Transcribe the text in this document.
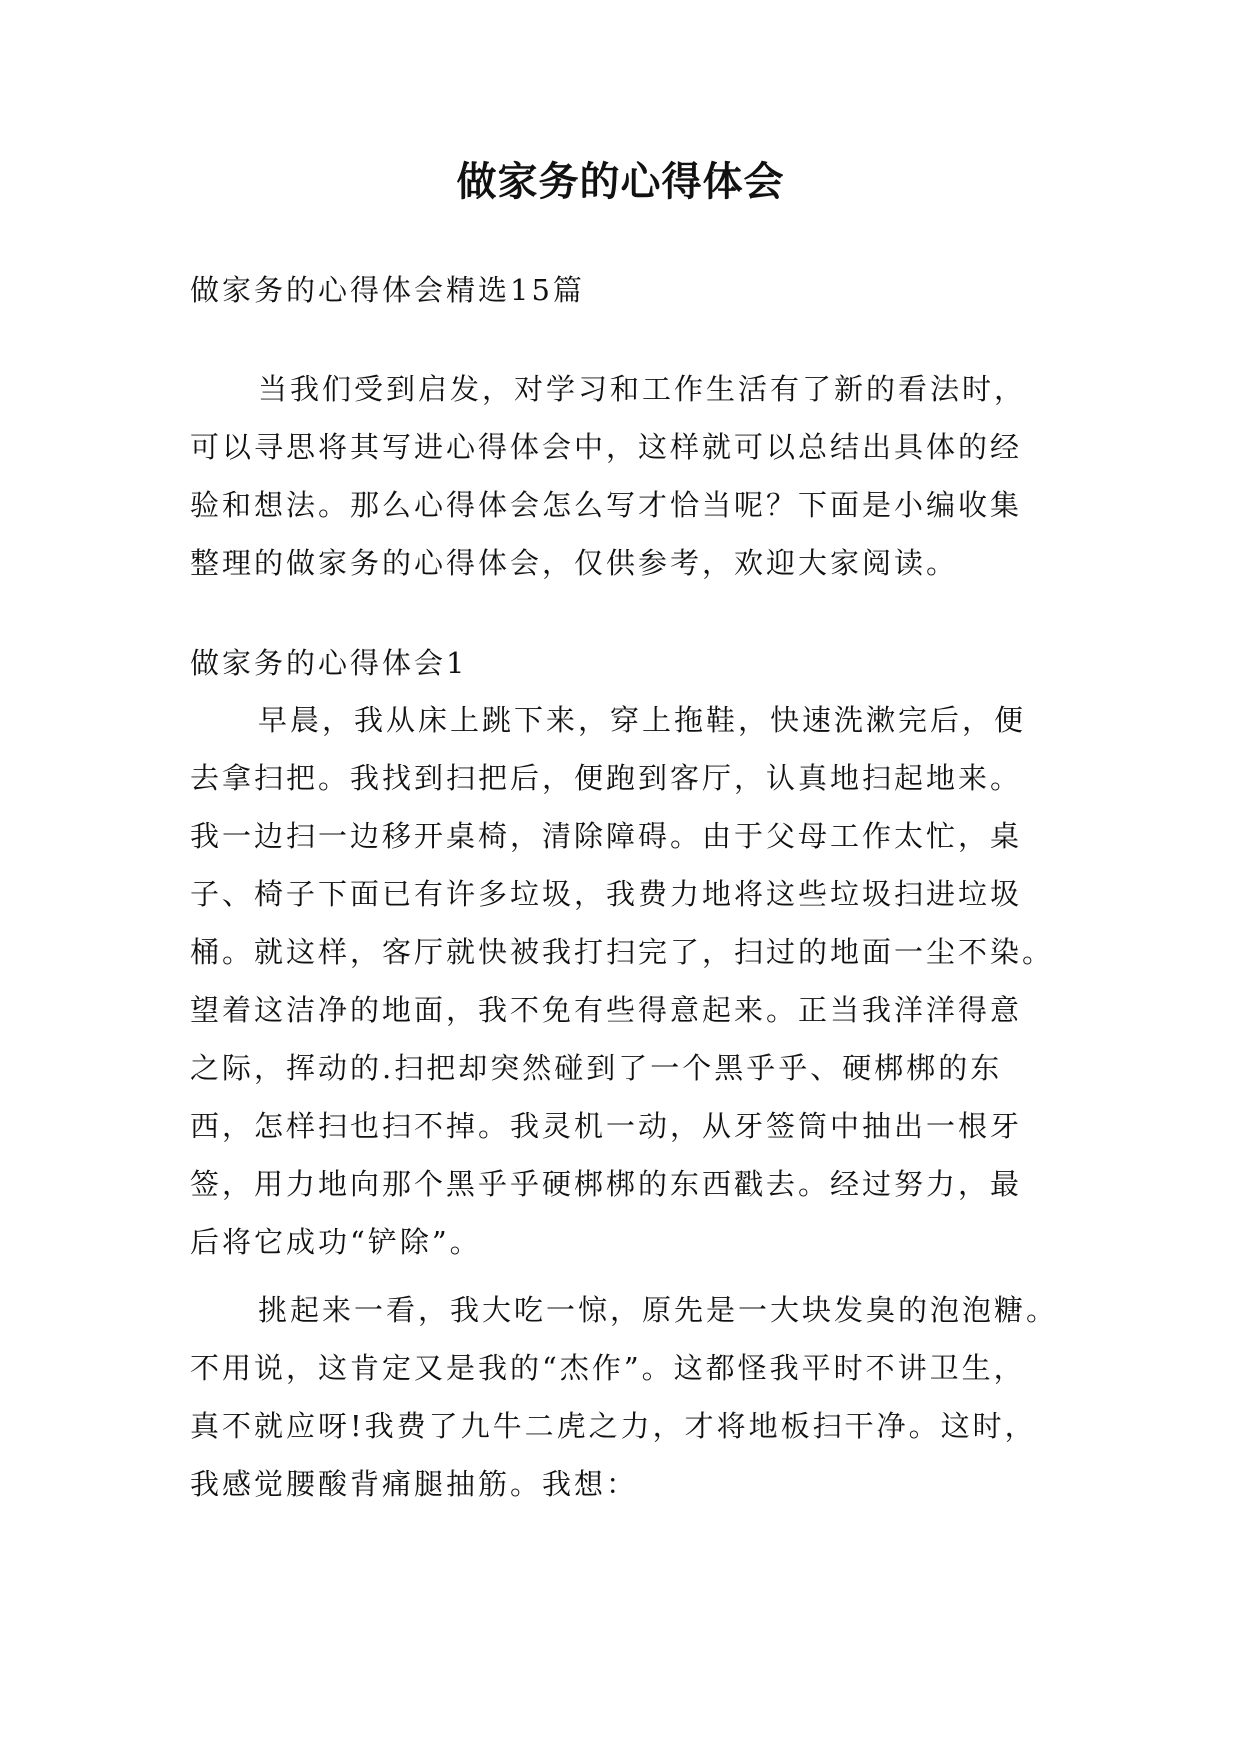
做家务的心得体会

做家务的心得体会精选15篇

当我们受到启发，对学习和工作生活有了新的看法时，

可以寻思将其写进心得体会中，这样就可以总结出具体的经

验和想法。那么心得体会怎么写才恰当呢？下面是小编收集

整理的做家务的心得体会，仅供参考，欢迎大家阅读。

做家务的心得体会1

早晨，我从床上跳下来，穿上拖鞋，快速洗漱完后，便

去拿扫把。我找到扫把后，便跑到客厅，认真地扫起地来。

我一边扫一边移开桌椅，清除障碍。由于父母工作太忙，桌

子、椅子下面已有许多垃圾，我费力地将这些垃圾扫进垃圾

桶。就这样，客厅就快被我打扫完了，扫过的地面一尘不染。

望着这洁净的地面，我不免有些得意起来。正当我洋洋得意

之际，挥动的.扫把却突然碰到了一个黑乎乎、硬梆梆的东

西，怎样扫也扫不掉。我灵机一动，从牙签筒中抽出一根牙

签，用力地向那个黑乎乎硬梆梆的东西戳去。经过努力，最

后将它成功“铲除”。

挑起来一看，我大吃一惊，原先是一大块发臭的泡泡糖。

不用说，这肯定又是我的“杰作”。这都怪我平时不讲卫生，

真不就应呀!我费了九牛二虎之力，才将地板扫干净。这时，

我感觉腰酸背痛腿抽筋。我想：
